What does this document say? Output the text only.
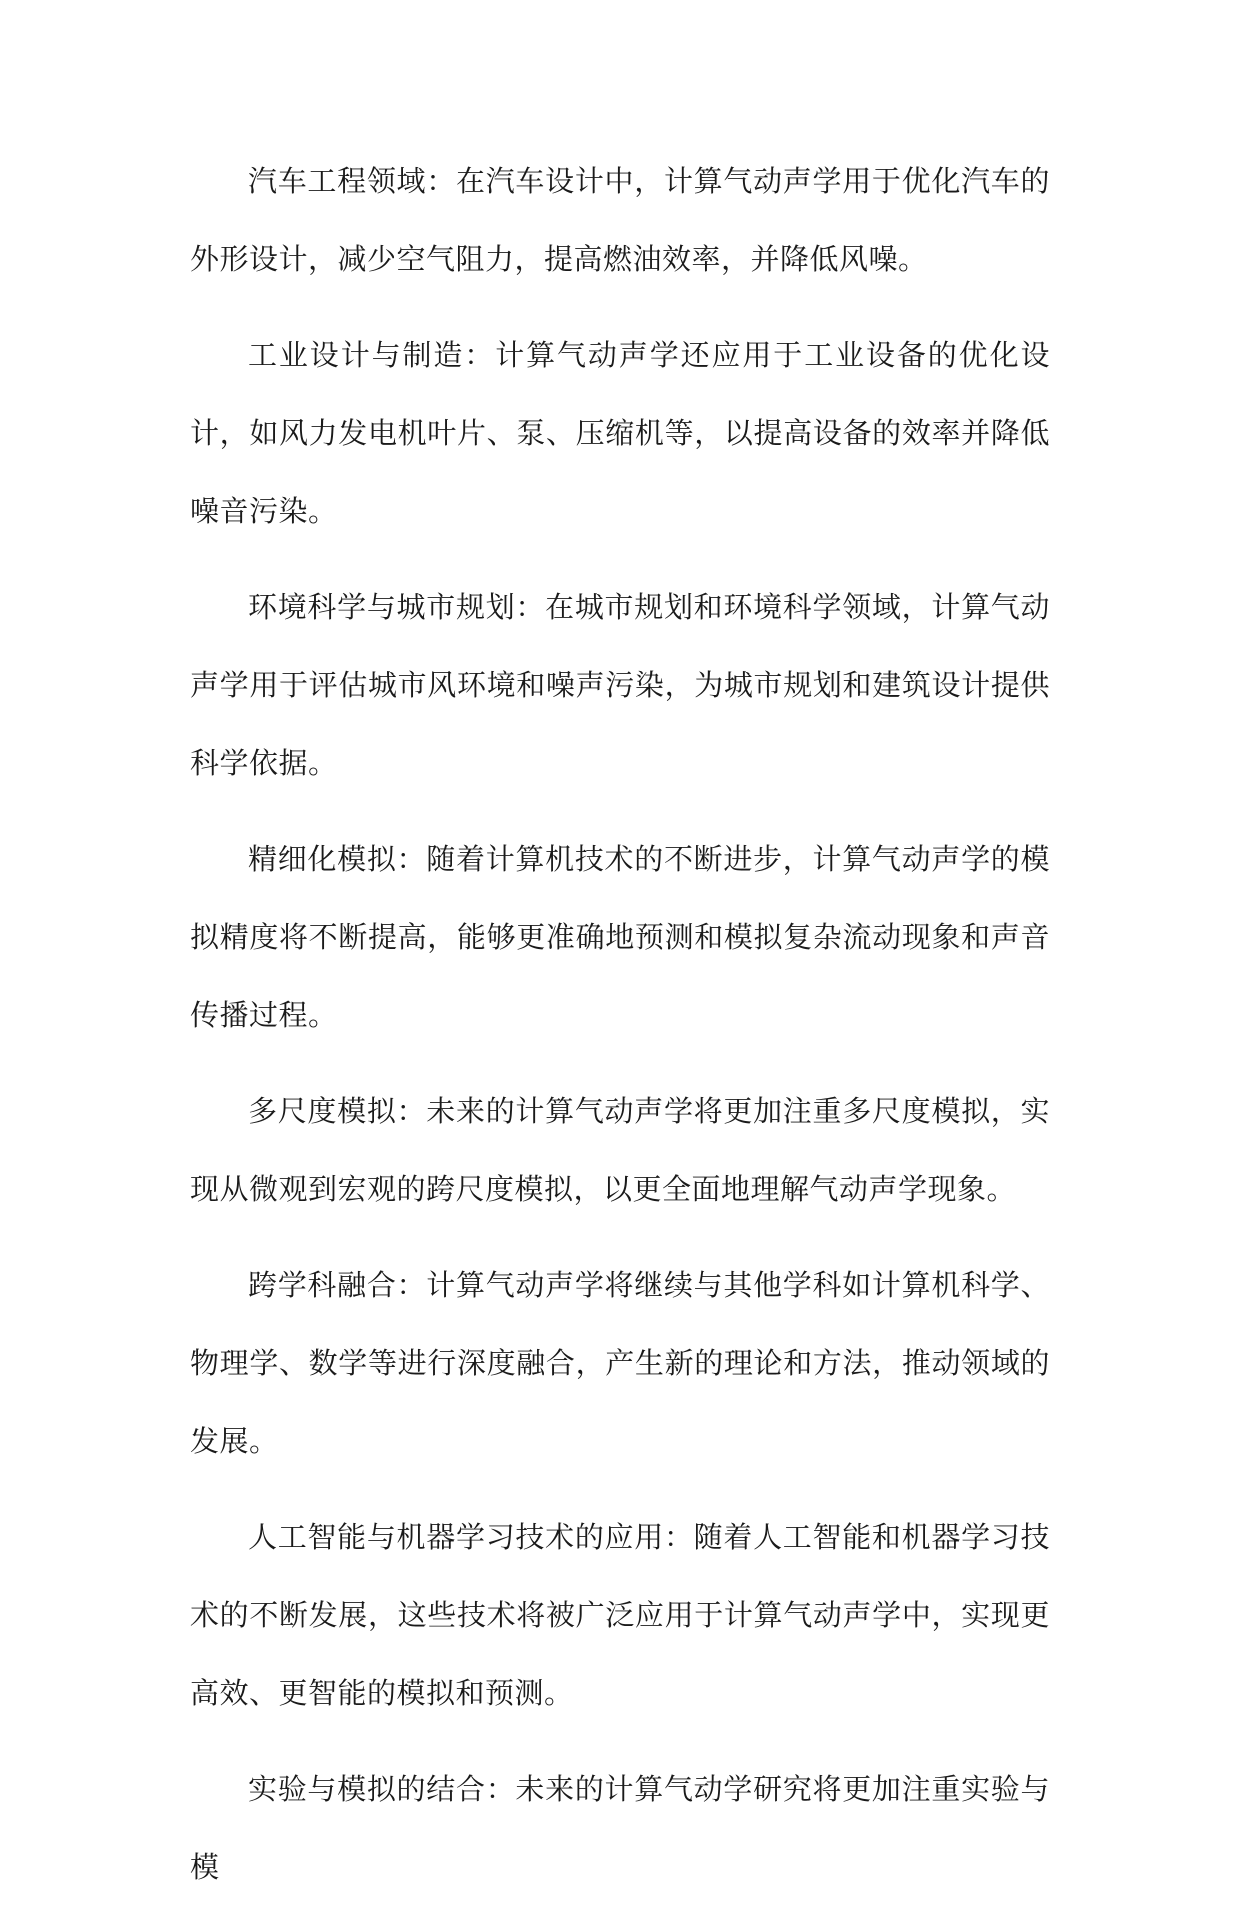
汽车工程领域：在汽车设计中，计算气动声学用于优化汽车的外形设计，减少空气阻力，提高燃油效率，并降低风噪。

工业设计与制造：计算气动声学还应用于工业设备的优化设计，如风力发电机叶片、泵、压缩机等，以提高设备的效率并降低噪音污染。

环境科学与城市规划：在城市规划和环境科学领域，计算气动声学用于评估城市风环境和噪声污染，为城市规划和建筑设计提供科学依据。

精细化模拟：随着计算机技术的不断进步，计算气动声学的模拟精度将不断提高，能够更准确地预测和模拟复杂流动现象和声音传播过程。

多尺度模拟：未来的计算气动声学将更加注重多尺度模拟，实现从微观到宏观的跨尺度模拟，以更全面地理解气动声学现象。

跨学科融合：计算气动声学将继续与其他学科如计算机科学、物理学、数学等进行深度融合，产生新的理论和方法，推动领域的发展。

人工智能与机器学习技术的应用：随着人工智能和机器学习技术的不断发展，这些技术将被广泛应用于计算气动声学中，实现更高效、更智能的模拟和预测。

实验与模拟的结合：未来的计算气动学研究将更加注重实验与模
